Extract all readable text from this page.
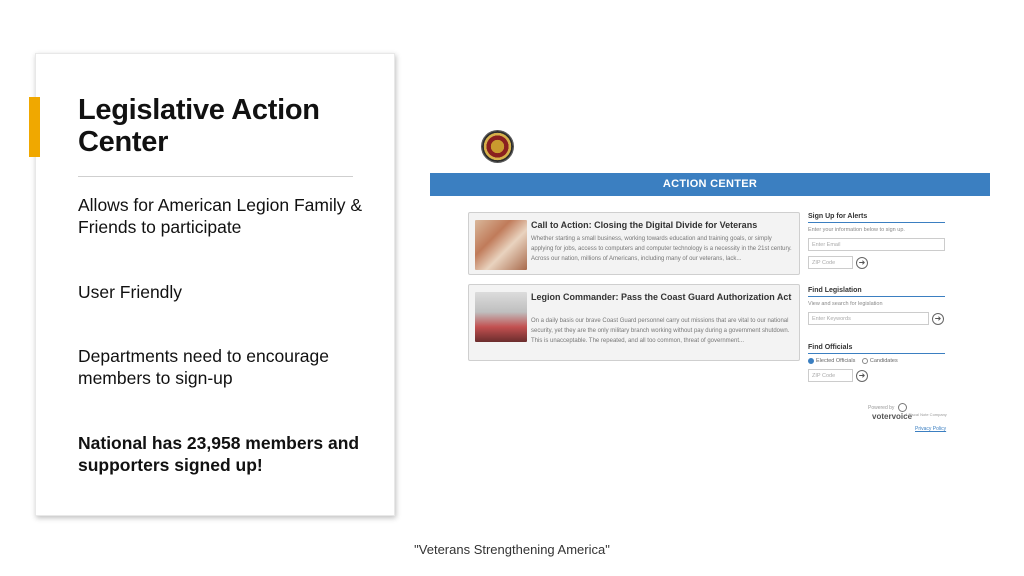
Legislative Action Center
Allows for American Legion Family & Friends to participate
User Friendly
Departments need to encourage members to sign-up
National has 23,958 members and supporters signed up!
"Veterans Strengthening America"
ACTION CENTER
Call to Action: Closing the Digital Divide for Veterans
Whether starting a small business, working towards education and training goals, or simply applying for jobs, access to computers and computer technology is a necessity in the 21st century. Across our nation, millions of Americans, including many of our veterans, lack...
Legion Commander: Pass the Coast Guard Authorization Act
On a daily basis our brave Coast Guard personnel carry out missions that are vital to our national security, yet they are the only military branch working without pay during a government shutdown. This is unacceptable. The repeated, and all too common, threat of government...
Sign Up for Alerts
Enter your information below to sign up.
Enter Email
ZIP Code	➜
Find Legislation
View and search for legislation
Enter Keywords	➜
Find Officials
Elected Officials	Candidates
ZIP Code	➜
Powered byvotervoice
A Fiscal Note Company
Privacy Policy
